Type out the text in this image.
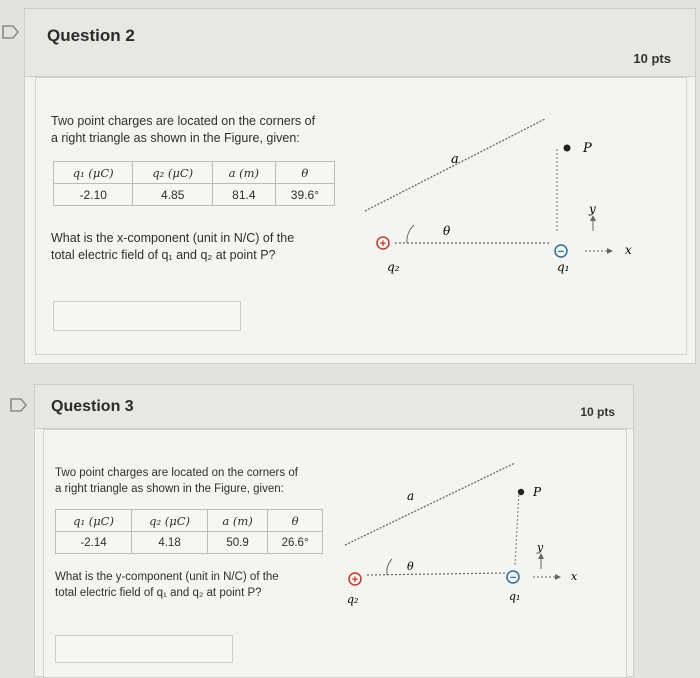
Question 2
10 pts
Two point charges are located on the corners of
a right triangle as shown in the Figure, given:
q₁ (μC)	q₂ (μC)	a (m)	θ
-2.10	4.85	81.4	39.6°
What is the x-component (unit in N/C) of the
total electric field of q₁ and q₂ at point P?
+
−
P
a
θ
q₂	q₁
y
x
Question 3	10 pts
Two point charges are located on the corners of
a right triangle as shown in the Figure, given:
q₁ (μC)	q₂ (μC)	a (m)	θ
-2.14	4.18	50.9	26.6°
What is the y-component (unit in N/C) of the
total electric field of q₁ and q₂ at point P?
+	−
P
a
θ
q₂	q₁
y
x
